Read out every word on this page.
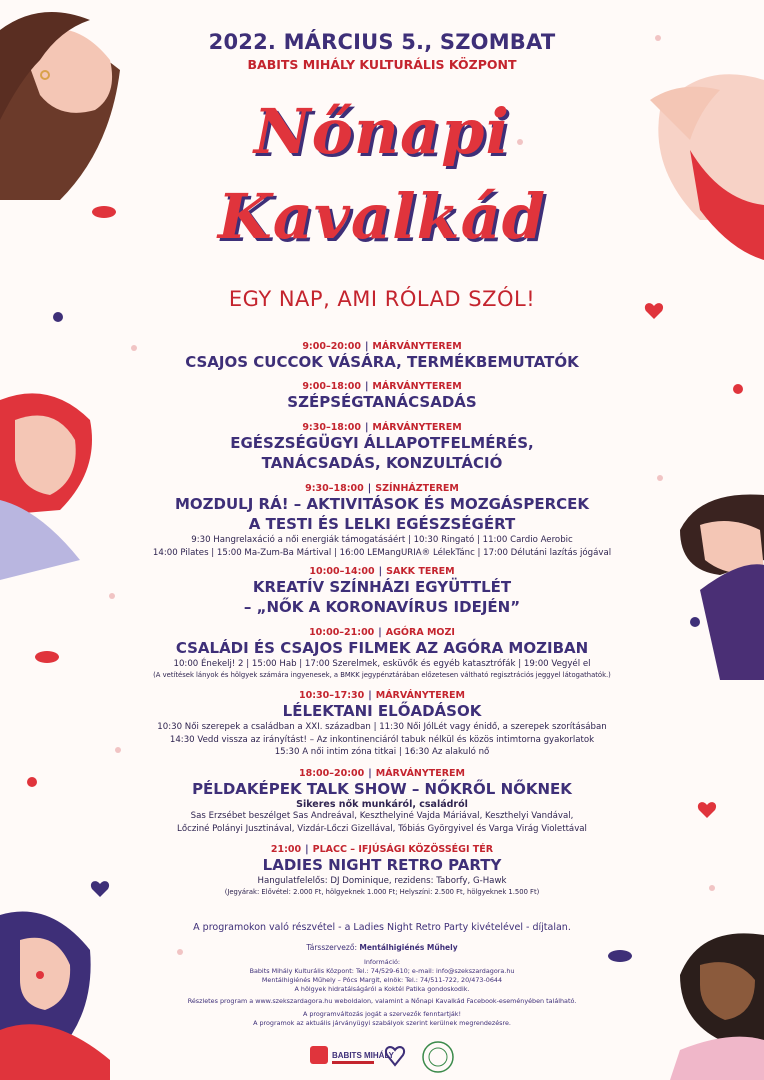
2022. MÁRCIUS 5., SZOMBAT
BABITS MIHÁLY KULTURÁLIS KÖZPONT
Nőnapi
Kavalkád
EGY NAP, AMI RÓLAD SZÓL!
9:00–20:00 | MÁRVÁNYTEREM
CSAJOS CUCCOK VÁSÁRA, TERMÉKBEMUTATÓK
9:00–18:00 | MÁRVÁNYTEREM
SZÉPSÉGTANÁCSADÁS
9:30–18:00 | MÁRVÁNYTEREM
EGÉSZSÉGÜGYI ÁLLAPOTFELMÉRÉS,
TANÁCSADÁS, KONZULTÁCIÓ
9:30–18:00 | SZÍNHÁZTEREM
MOZDULJ RÁ! – AKTIVITÁSOK ÉS MOZGÁSPERCEK
A TESTI ÉS LELKI EGÉSZSÉGÉRT
9:30 Hangrelaxáció a női energiák támogatásáért | 10:30 Ringató | 11:00 Cardio Aerobic
14:00 Pilates | 15:00 Ma-Zum-Ba Mártival | 16:00 LEMangURIA® LélekTánc | 17:00 Délutáni lazítás jógával
10:00–14:00 | SAKK TEREM
KREATÍV SZÍNHÁZI EGYÜTTLÉT
– „NŐK A KORONAVÍRUS IDEJÉN”
10:00–21:00 | AGÓRA MOZI
CSALÁDI ÉS CSAJOS FILMEK AZ AGÓRA MOZIBAN
10:00 Énekelj! 2 | 15:00 Hab | 17:00 Szerelmek, esküvők és egyéb katasztrófák | 19:00 Vegyél el
(A vetítések lányok és hölgyek számára ingyenesek, a BMKK jegypénztárában előzetesen váltható regisztrációs jeggyel látogathatók.)
10:30–17:30 | MÁRVÁNYTEREM
LÉLEKTANI ELŐADÁSOK
10:30 Női szerepek a családban a XXI. században | 11:30 Női JólLét vagy énidő, a szerepek szorításában
14:30 Vedd vissza az irányítást! – Az inkontinenciáról tabuk nélkül és közös intimtorna gyakorlatok
15:30 A női intim zóna titkai | 16:30 Az alakuló nő
18:00–20:00 | MÁRVÁNYTEREM
PÉLDAKÉPEK TALK SHOW – NŐKRŐL NŐKNEK
Sikeres nők munkáról, családról
Sas Erzsébet beszélget Sas Andreával, Keszthelyiné Vajda Máriával, Keszthelyi Vandával,
Lőcziné Polányi Jusztinával, Vizdár-Lőczi Gizellával, Tóbiás Györgyivel és Varga Virág Violettával
21:00 | PLACC – IFJÚSÁGI KÖZÖSSÉGI TÉR
LADIES NIGHT RETRO PARTY
Hangulatfelelős: DJ Dominique, rezidens: Taborfy, G-Hawk
(Jegyárak: Elővétel: 2.000 Ft, hölgyeknek 1.000 Ft; Helyszíni: 2.500 Ft, hölgyeknek 1.500 Ft)
A programokon való részvétel - a Ladies Night Retro Party kivételével - díjtalan.
Társszervező: Mentálhigiénés Műhely
Információ:
Babits Mihály Kulturális Központ: Tel.: 74/529-610; e-mail: info@szekszardagora.hu
Mentálhigiénés Műhely – Pócs Margit, elnök: Tel.: 74/511-722, 20/473-0644
A hölgyek hidratálságáról a Koktél Patika gondoskodik.
Részletes program a www.szekszardagora.hu weboldalon, valamint a Nőnapi Kavalkád Facebook-eseményében található.
A programváltozás jogát a szervezők fenntartják!
A programok az aktuális járványügyi szabályok szerint kerülnek megrendezésre.
BABITS MIHÁLY
